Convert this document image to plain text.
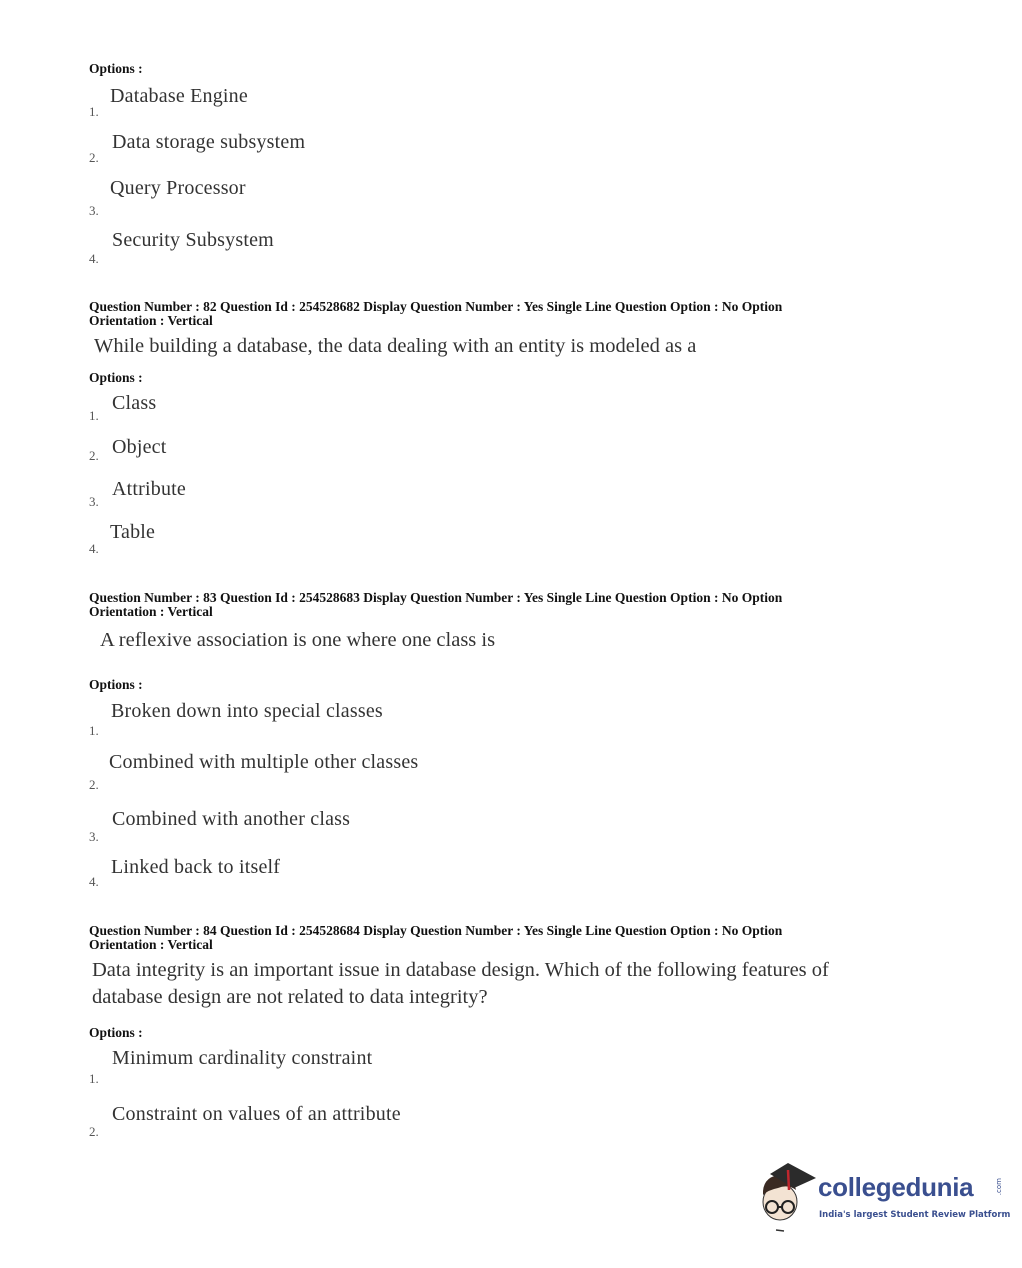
Options :
Database Engine
1.
Data storage subsystem
2.
Query Processor
3.
Security Subsystem
4.
Question Number : 82 Question Id : 254528682 Display Question Number : Yes Single Line Question Option : No Option
Orientation : Vertical
While building a database, the data dealing with an entity is modeled as a
Options :
Class
1.
Object
2.
Attribute
3.
Table
4.
Question Number : 83 Question Id : 254528683 Display Question Number : Yes Single Line Question Option : No Option
Orientation : Vertical
A reflexive association is one where one class is
Options :
Broken down into special classes
1.
Combined with multiple other classes
2.
Combined with another class
3.
Linked back to itself
4.
Question Number : 84 Question Id : 254528684 Display Question Number : Yes Single Line Question Option : No Option
Orientation : Vertical
Data integrity is an important issue in database design. Which of the following features of
database design are not related to data integrity?
Options :
Minimum cardinality constraint
1.
Constraint on values of an attribute
2.
collegedunia	.com
India's largest Student Review Platform
